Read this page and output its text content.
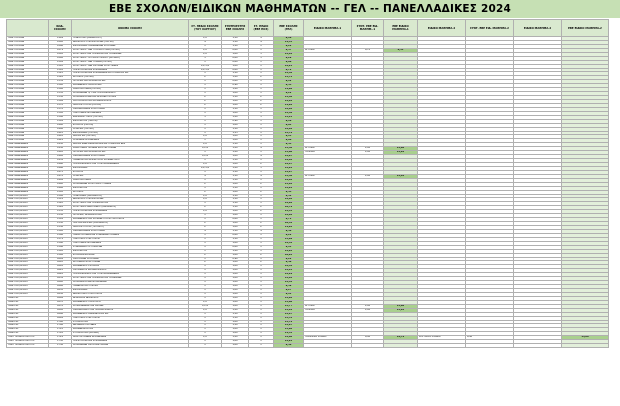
ΕΒΕ ΣΧΟΛΩΝ/ΕΙΔΙΚΩΝ ΜΑΘΗΜΑΤΩΝ -- ΓΕΛ -- ΠΑΝΕΛΛΑΔΙΚΕΣ 2024
	ΚΩΔ. ΣΧΟΛΗΣ	ΟΝΟΜΑ ΣΧΟΛΗΣ	ΣΤ. ΠΕΔΙΟ ΣΧΟΛΗΣ (ΤΟΥ ΧΑΡΤΙΟΥ)	ΣΥΝΤΕΛΕΣΤΗΣ ΕΒΕ ΣΧΟΛΗΣ	ΣΤ. ΠΕΔΙΟ (ΕΒΕ ΠΟΣ)	ΕΒΕ ΣΧΟΛΗΣ (ΓΕΛ)	ΕΙΔΙΚΟ ΜΑΘΗΜΑ-1	ΣΥΝΤ. ΕΒΕ ΕΙΔ. ΜΑΘΗΜ.-1	ΕΒΕ ΕΙΔΙΚΟ ΜΑΘΗΜΑ-1	ΕΙΔΙΚΟ ΜΑΘΗΜΑ-2	ΣΥΝΤ. ΕΒΕ ΕΙΔ. ΜΑΘΗΜΑ-2	ΕΙΔΙΚΟ ΜΑΘΗΜΑ-2	ΕΒΕ ΕΙΔΙΚΟ ΜΑΘΗΜΑ-2
ΠΑΝ. ΠΑΤΡΩΝ	1199	ΓΕΩΛΟΓΙΑΣ (ΚΑΘΩΣΙΛΟΥ)	1,2	1,10	4	9,18							
ΠΑΝ. ΠΑΤΡΩΝ	1262	ΔΙΟΙΚΗΣΗΣ ΕΠΙΧΕΙΡΗΣΕΩΝ (ΠΑΤΡΑ)	4	1,10	4	11,33							
ΠΑΝ. ΠΑΤΡΩΝ	1268	ΦΙΛΟΣΟΦΙΑΣ ΚΟΙΝΩΝΙΚΩΝ ΣΠΟΥΔΩΝ	1	1,10	1	9,22							
ΠΑΝ. ΠΑΤΡΩΝ	1279	ΕΠΙΣΤΗΜΗΣ ΤΩΝ ΥΠΟΛΟΓΙΣΤΩΝ (ΠΑΤΡΑ)	1,2	0,80	1	9,37	ΑΓΓΛΙΚΑ	0,70	8,33				
ΠΑΝ. ΠΑΤΡΩΝ	1292	ΕΠΙΣΤΗΜΗΣ ΚΑΙ ΤΕΧΝΟΛΟΓΙΑΣ ΤΡΟΦΙΜΩΝ	1,2	1,00	3	14,16							
ΠΑΝ. ΠΑΤΡΩΝ	1298	ΕΠΙΣΤΗΜΗΣ ΤΟΥ ΑΘΛΗΤΙΣΜΟΥ (ΑΓΡΙΝΙΟ)	3	0,80	3	9,29							
ΠΑΝ. ΠΑΤΡΩΝ	1304	ΕΠΙΣΤΗΜΗΣ ΤΩΝ ΥΛΙΚΩΝ (ΠΑΤΡΑ)	1	0,80	1	9,80							
ΠΑΝ. ΠΑΤΡΩΝ	1310	ΕΠΙΣΤΗΜΗΣ ΤΩΝ ΘΕΤΙΚΩΝ ΕΠΙΣΤΗΜΩΝ	1,2,3,4	1,00	1	12,25							
ΠΑΝ. ΠΑΤΡΩΝ	1316	ΗΛΕΚΤΡΟΛΟΓΩΝ ΜΗΧΑΝΙΚΩΝ	1,2,3,4	0,80	1	9,72							
ΠΑΝ. ΠΑΤΡΩΝ	1322	ΗΛΕΚΤΡΟΛΟΓΩΝ ΜΗΧΑΝΙΚΩΝ ΚΑΙ ΤΕΧΝΟΛΟΓΙΑΣ	1	1,10	1	14,36							
ΠΑΝ. ΠΑΤΡΩΝ	1328	ΙΑΤΡΙΚΗΣ (ΠΑΤΡΑ)	2	1,20	2	13,72							
ΠΑΝ. ΠΑΤΡΩΝ	1334	ΙΣΤΟΡΙΑΣ ΚΑΙ ΑΡΧΑΙΟΛΟΓΙΑΣ	1	0,80	1	9,12							
ΠΑΝ. ΠΑΤΡΩΝ	1340	ΚΟΙΝΩΝΙΚΗΣ ΘΕΟΛΟΓΙΑΣ	1	0,90	1	9,55							
ΠΑΝ. ΠΑΤΡΩΝ	1346	ΜΑΘΗΜΑΤΙΚΩΝ (ΠΑΤΡΑ)	1	1,20	1	11,98							
ΠΑΝ. ΠΑΤΡΩΝ	1352	ΜΗΧΑΝΙΚΩΝ Η/Υ ΚΑΙ ΠΛΗΡΟΦΟΡΙΚΗΣ	1	1,00	1	9,22							
ΠΑΝ. ΠΑΤΡΩΝ	1358	ΜΗΧΑΝΟΛΟΓΩΝ ΚΑΙ ΑΕΡΟΝΑΥΠΗΓΩΝ	2	1,10	2	13,40							
ΠΑΝ. ΠΑΤΡΩΝ	1364	ΜΟΥΣΕΙΟΛΟΓΙΑΣ ΚΑΙ ΔΙΑΧΕΙΡΙΣΗΣ	2	1,00	2	14,16							
ΠΑΝ. ΠΑΤΡΩΝ	1370	ΝΟΣΗΛΕΥΤΙΚΗΣ (ΠΑΤΡΑ)	2	1,00	2	11,20							
ΠΑΝ. ΠΑΤΡΩΝ	1376	ΟΙΚΟΝΟΜΙΚΩΝ ΕΠΙΣΤΗΜΩΝ	1	1,10	1	12,62							
ΠΑΝ. ΠΑΤΡΩΝ	1382	ΠΟΛΙΤΙΚΩΝ ΜΗΧΑΝΙΚΩΝ	1	1,00	1	14,38							
ΠΑΝ. ΠΑΤΡΩΝ	1388	ΦΑΡΜΑΚΕΥΤΙΚΗΣ (ΠΑΤΡΑ)	3	1,20	3	13,15							
ΠΑΝ. ΠΑΤΡΩΝ	1394	ΦΙΛΟΛΟΓΙΑΣ (ΠΑΤΡΑ)	1	0,90	1	9,18							
ΠΑΝ. ΠΑΤΡΩΝ	1400	ΦΥΣΙΚΗΣ (ΠΑΤΡΑ)	1	1,00	1	9,84							
ΠΑΝ. ΠΑΤΡΩΝ	1406	ΧΗΜΕΙΑΣ (ΠΑΤΡΑ)	1	1,10	1	12,10							
ΠΑΝ. ΠΑΤΡΩΝ	1412	ΦΙΛΟΣΟΦΙΑΣ (ΠΑΤΡΑ)	1	1,15	1	13,79							
ΠΑΝ. ΠΑΤΡΩΝ	1418	ΒΙΟΛΟΓΙΑΣ (ΠΑΤΡΑ)	1,2	1,00	1	9,13							
ΠΑΝ. ΠΑΤΡΩΝ	1424	ΧΗΜΙΚΩΝ ΜΗΧΑΝΙΚΩΝ	1	1,00	1	9,90							
ΠΑΝ. ΙΩΑΝΝΙΝΩΝ	1430	ΒΙΟΛΟΓΙΚΩΝ ΕΦΑΡΜΟΓΩΝ ΚΑΙ ΤΕΧΝΟΛΟΓΙΩΝ	1,2	1,10	1	9,45							
ΠΑΝ. ΙΩΑΝΝΙΝΩΝ	1436	ΕΙΚΑΣΤΙΚΩΝ ΤΕΧΝΩΝ ΚΑΙ ΕΠΙΣΤΗΜΩΝ	1,2,4	1,20	4	13,50	ΑΓΓΛΙΚΑ	1,00	13,08				
ΠΑΝ. ΙΩΑΝΝΙΝΩΝ	1442	ΙΣΤΟΡΙΑΣ ΚΑΙ ΑΡΧΑΙΟΛΟΓΙΑΣ	1	1,20	1	13,80	ΓΑΛΛΙΚΑ	1,00	13,28				
ΠΑΝ. ΙΩΑΝΝΙΝΩΝ	1448	ΟΙΚΟΝΟΜΙΚΩΝ ΕΠΙΣΤΗΜΩΝ	1,2,4	1,00	4	14,07							
ΠΑΝ. ΙΩΑΝΝΙΝΩΝ	1454	ΠΑΙΔΑΓΩΓΙΚΟ ΔΗΜΟΤΙΚΗΣ ΕΚΠΑΙΔΕΥΣΗΣ	1	1,10	1	12,62							
ΠΑΝ. ΙΩΑΝΝΙΝΩΝ	1460	ΠΛΗΡΟΦΟΡΙΚΗΣ ΚΑΙ ΤΗΛΕΠΙΚΟΙΝΩΝΙΩΝ	1,2	1,00	2	12,67							
ΠΑΝ. ΙΩΑΝΝΙΝΩΝ	1466	ΦΙΛΟΣΟΦΙΑΣ	1,2,3,4	1,20	3	14,22							
ΠΑΝ. ΙΩΑΝΝΙΝΩΝ	1472	ΦΥΣΙΚΗΣ	1	1,10	1	14,07							
ΠΑΝ. ΙΩΑΝΝΙΝΩΝ	1478	ΧΗΜΕΙΑΣ	4	1,10	4	13,50	ΑΓΓΛΙΚΑ	1,00	13,16				
ΠΑΝ. ΙΩΑΝΝΙΝΩΝ	1484	ΜΑΘΗΜΑΤΙΚΩΝ	1	1,10	1	12,62							
ΠΑΝ. ΙΩΑΝΝΙΝΩΝ	1490	ΜΗΧΑΝΙΚΩΝ ΕΠΙΣΤΗΜΗΣ ΥΛΙΚΩΝ	2	1,00	2	13,84							
ΠΑΝ. ΙΩΑΝΝΙΝΩΝ	1496	ΦΙΛΟΛΟΓΙΑΣ	1	1,10	1	14,22							
ΠΑΝ. ΙΩΑΝΝΙΝΩΝ	1502	ΙΑΤΡΙΚΗΣ	2	1,00	2	9,45							
ΠΑΝ. ΠΕΛ/ΝΗΣΟΥ	1508	ΓΕΩΠΟΝΙΑΣ (ΚΑΛΑΜΑΤΑ)	1,2	1,10	1	9,31							
ΠΑΝ. ΠΕΛ/ΝΗΣΟΥ	1514	ΔΙΟΙΚΗΣΗΣ ΕΠΙΧΕΙΡΗΣΕΩΝ	1,2	1,10	1	12,62							
ΠΑΝ. ΠΕΛ/ΝΗΣΟΥ	1520	ΕΠΙΣΤΗΜΗΣ ΚΑΙ ΤΕΧΝΟΛΟΓΙΑΣ	1	1,10	1	12,02							
ΠΑΝ. ΠΕΛ/ΝΗΣΟΥ	1526	ΕΠΙΣΤΗΜΗΣ ΔΙΑΤΡΟΦΗΣ (ΚΑΛΑΜΑΤΑ)	2	1,10	2	10,79							
ΠΑΝ. ΠΕΛ/ΝΗΣΟΥ	1532	ΗΛΕΚΤΡΟΛΟΓΩΝ ΜΗΧΑΝΙΚΩΝ	1,2	1,00	2	13,33							
ΠΑΝ. ΠΕΛ/ΝΗΣΟΥ	1538	ΙΣΤΟΡΙΑΣ, ΑΡΧΑΙΟΛΟΓΙΑΣ	1	1,00	1	12,62							
ΠΑΝ. ΠΕΛ/ΝΗΣΟΥ	1544	ΚΟΙΝΩΝΙΚΗΣ ΚΑΙ ΕΚΠΑΙΔΕΥΤΙΚΗΣ ΠΟΛΙΤΙΚΗΣ	1	0,80	1	9,71							
ΠΑΝ. ΠΕΛ/ΝΗΣΟΥ	1550	ΛΟΓΟΘΕΡΑΠΕΙΑΣ (ΚΑΛΑΜΑΤΑ)	2	1,00	2	10,32							
ΠΑΝ. ΠΕΛ/ΝΗΣΟΥ	1556	ΝΟΣΗΛΕΥΤΙΚΗΣ (ΤΡΙΠΟΛΗ)	2	1,00	2	11,26							
ΠΑΝ. ΠΕΛ/ΝΗΣΟΥ	1562	ΟΙΚΟΝΟΜΙΚΩΝ ΕΠΙΣΤΗΜΩΝ	4	1,10	4	9,56							
ΠΑΝ. ΠΕΛ/ΝΗΣΟΥ	1568	ΠΑΡΑΣΤΑΤΙΚΩΝ ΚΑΙ ΨΗΦΙΑΚΩΝ ΤΕΧΝΩΝ	1	0,80	1	9,22							
ΠΑΝ. ΠΕΛ/ΝΗΣΟΥ	1574	ΠΟΛΙΤΙΚΗΣ ΕΠΙΣΤΗΜΗΣ	1	1,10	1	13,09							
ΠΑΝ. ΠΕΛ/ΝΗΣΟΥ	1580	ΠΟΛΙΤΙΚΩΝ ΜΗΧΑΝΙΚΩΝ	1	1,00	1	12,32							
ΠΑΝ. ΠΕΛ/ΝΗΣΟΥ	1586	ΨΗΦΙΑΚΩΝ ΣΥΣΤΗΜΑΤΩΝ	1	0,80	1	9,14							
ΠΑΝ. ΠΕΛ/ΝΗΣΟΥ	1592	ΦΙΛΟΛΟΓΙΑΣ	1	1,20	1	14,05							
ΠΑΝ. ΠΕΛ/ΝΗΣΟΥ	1598	ΦΥΣΙΚΟΘΕΡΑΠΕΙΑΣ	2	1,00	2	10,94							
ΠΑΝ. ΠΕΛ/ΝΗΣΟΥ	1604	ΘΕΑΤΡΙΚΩΝ ΣΠΟΥΔΩΝ	1	0,90	1	9,22							
ΠΑΝ. ΠΕΛ/ΝΗΣΟΥ	1610	ΙΑΤΡΙΚΩΝ ΕΡΓΑΣΤΗΡΙΩΝ	2	1,00	2	9,40							
ΠΑΝ. ΠΕΛ/ΝΗΣΟΥ	1616	ΚΟΙΝΩΝΙΚΗΣ ΕΡΓΑΣΙΑΣ	1	1,00	1	12,32							
ΠΑΝ. ΠΕΛ/ΝΗΣΟΥ	1622	ΟΡΓΑΝΩΣΗΣ ΚΑΙ ΔΙΑΧΕΙΡΙΣΗΣ	1	1,00	1	14,14							
ΠΑΝ. ΠΕΛ/ΝΗΣΟΥ	1628	ΠΛΗΡΟΦΟΡΙΚΗΣ ΚΑΙ ΤΗΛΕΠΙΚΟΙΝΩΝΙΩΝ	1	1,00	1	12,29							
ΠΑΝ. ΠΕΛ/ΝΗΣΟΥ	1634	ΕΠΙΣΤΗΜΗΣ ΚΑΙ ΤΕΧΝΟΛΟΓΙΑΣ ΤΡΟΦΙΜΩΝ	1	1,00	1	14,16							
ΠΑΝ. ΠΕΛ/ΝΗΣΟΥ	1640	ΜΗΧΑΝΟΛΟΓΩΝ ΜΗΧΑΝΙΚΩΝ	1	1,00	1	14,32							
ΠΑΝ. ΠΕΛ/ΝΗΣΟΥ	1646	ΠΑΙΔΑΓΩΓΙΚΟ ΤΜΗΜΑ	1	1,00	1	9,39							
ΠΑΝ. ΠΕΛ/ΝΗΣΟΥ	1652	ΦΙΛΟΣΟΦΙΑΣ	1	1,00	1	9,27							
ΠΑΝ. ΠΕΛ/ΝΗΣΟΥ	1658	ΔΙΟΙΚΗΤΙΚΗΣ ΕΠΙΣΤΗΜΗΣ	1	1,00	1	9,14							
ΠΑΝΤΕΙΟ	1664	ΔΗΜΟΣΙΑΣ ΔΙΟΙΚΗΣΗΣ	1	1,00	1	14,02							
ΠΑΝΤΕΙΟ	1670	ΚΟΙΝΩΝΙΚΗΣ ΠΟΛΙΤΙΚΗΣ	1,2	1,00	1	13,88							
ΠΑΝΤΕΙΟ	1676	ΕΠΙΚΟΙΝΩΝΙΑΣ ΚΑΙ ΜΕΣΩΝ	1,2,4	1,00	1	13,77	ΑΓΓΛΙΚΑ	1,00	13,08				
ΠΑΝΤΕΙΟ	1682	ΟΙΚΟΝΟΜΙΚΗΣ ΚΑΙ ΠΕΡΙΦΕΡΕΙΑΚΗΣ	1,2	1,20	1	13,61	ΓΑΛΛΙΚΑ	1,00	13,28				
ΠΑΝΤΕΙΟ	1688	ΚΟΙΝΩΝΙΚΗΣ ΑΝΘΡΩΠΟΛΟΓΙΑΣ	1	1,10	1	14,07							
ΠΑΝΤΕΙΟ	1694	ΠΟΛΙΤΙΚΗΣ ΕΠΙΣΤΗΜΗΣ	1	1,10	1	13,70							
ΠΑΝΤΕΙΟ	1700	ΨΥΧΟΛΟΓΙΑΣ	1	1,00	1	13,79							
ΠΑΝΤΕΙΟ	1706	ΔΙΕΘΝΩΝ ΣΠΟΥΔΩΝ	1	1,10	1	14,07							
ΠΑΝΤΕΙΟ	1712	ΚΟΙΝΩΝΙΟΛΟΓΙΑΣ	1	1,00	1	13,90							
ΠΑΝΤΕΙΟ	1718	ΨΥΧΟΛΟΓΙΑΣ (ΑΘΗΝΑ)	1	1,00	1	11,55							
ΠΟΛΥΤΕΧΝΕΙΟ ΚΡΗΤΗΣ	1724	ΑΡΧΙΤΕΚΤΟΝΩΝ ΜΗΧΑΝΙΚΩΝ	1,2	1,20	1	12,60	ΓΡΑΜΜΙΚΟ ΣΧΕΔΙΟ	0,90	12,79	ΕΛΕΥΘΕΡΟ ΣΧΕΔΙΟ	0,90		13,08
ΠΟΛΥΤΕΧΝΕΙΟ ΚΡΗΤΗΣ	1730	ΗΛΕΚΤΡΟΛΟΓΩΝ ΜΗΧΑΝΙΚΩΝ	1	1,00	1	14,22							
ΠΟΛΥΤΕΧΝΕΙΟ ΚΡΗΤΗΣ	1736	ΜΗΧΑΝΙΚΩΝ ΟΡΥΚΤΩΝ ΠΟΡΩΝ	1	1,00	1	9,46							
